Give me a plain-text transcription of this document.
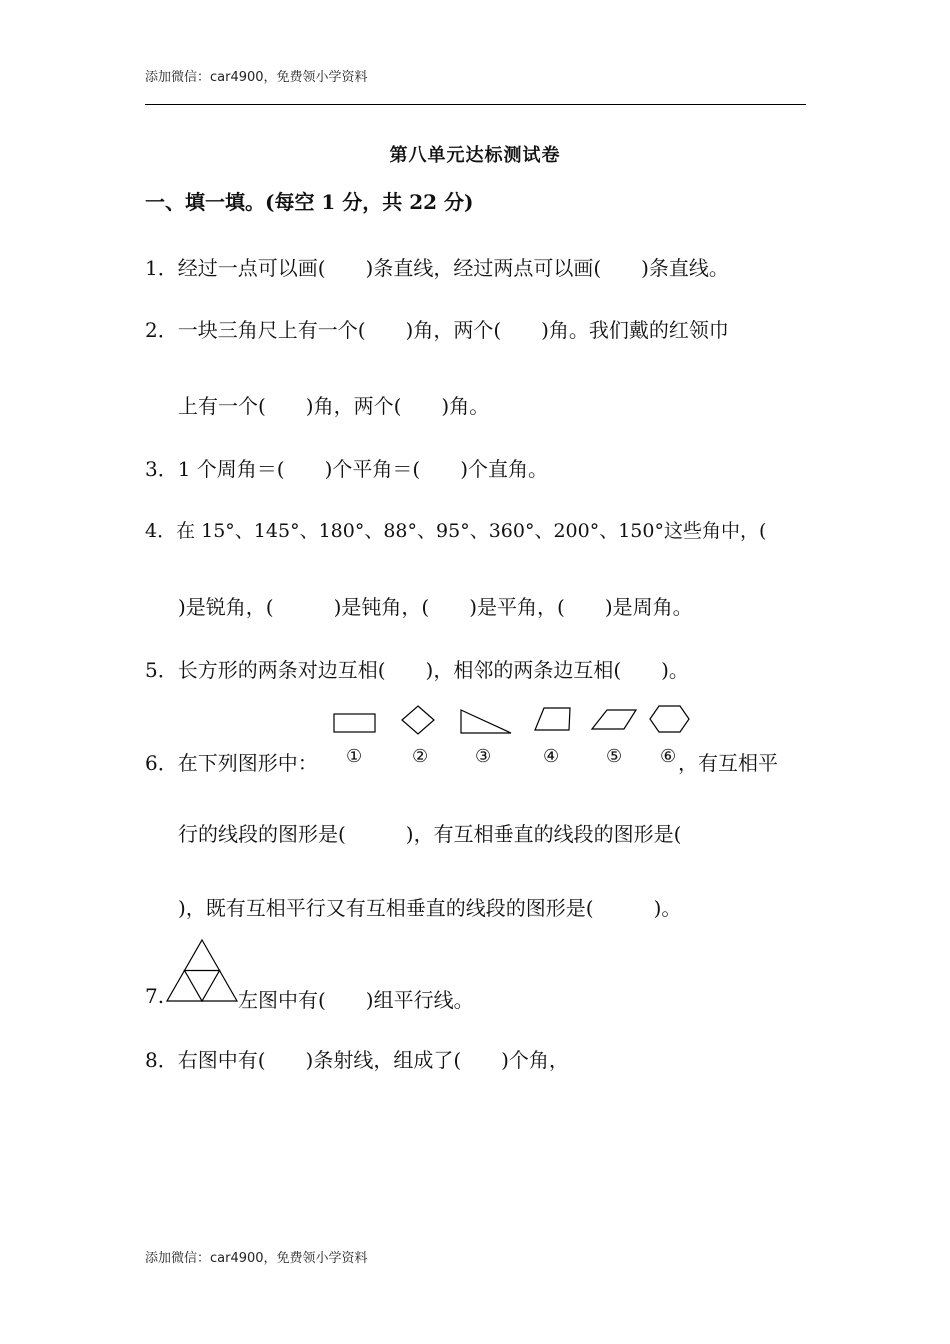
添加微信：car4900，免费领小学资料
第八单元达标测试卷
一、填一填。(每空 1 分，共 22 分)
1．经过一点可以画(　　)条直线，经过两点可以画(　　)条直线。
2．一块三角尺上有一个(　　)角，两个(　　)角。我们戴的红领巾
上有一个(　　)角，两个(　　)角。
3．1 个周角＝(　　)个平角＝(　　)个直角。
4．在 15°、145°、180°、88°、95°、360°、200°、150°这些角中，(
)是锐角，(　　　)是钝角，(　　)是平角，(　　)是周角。
5．长方形的两条对边互相(　　)，相邻的两条边互相(　　)。
①	②	③	④	⑤ ⑥
6．在下列图形中：	，有互相平
行的线段的图形是(　　　)，有互相垂直的线段的图形是(
)，既有互相平行又有互相垂直的线段的图形是(　　　)。
7.	左图中有(　　)组平行线。
8．右图中有(　　)条射线，组成了(　　)个角，
添加微信：car4900，免费领小学资料
